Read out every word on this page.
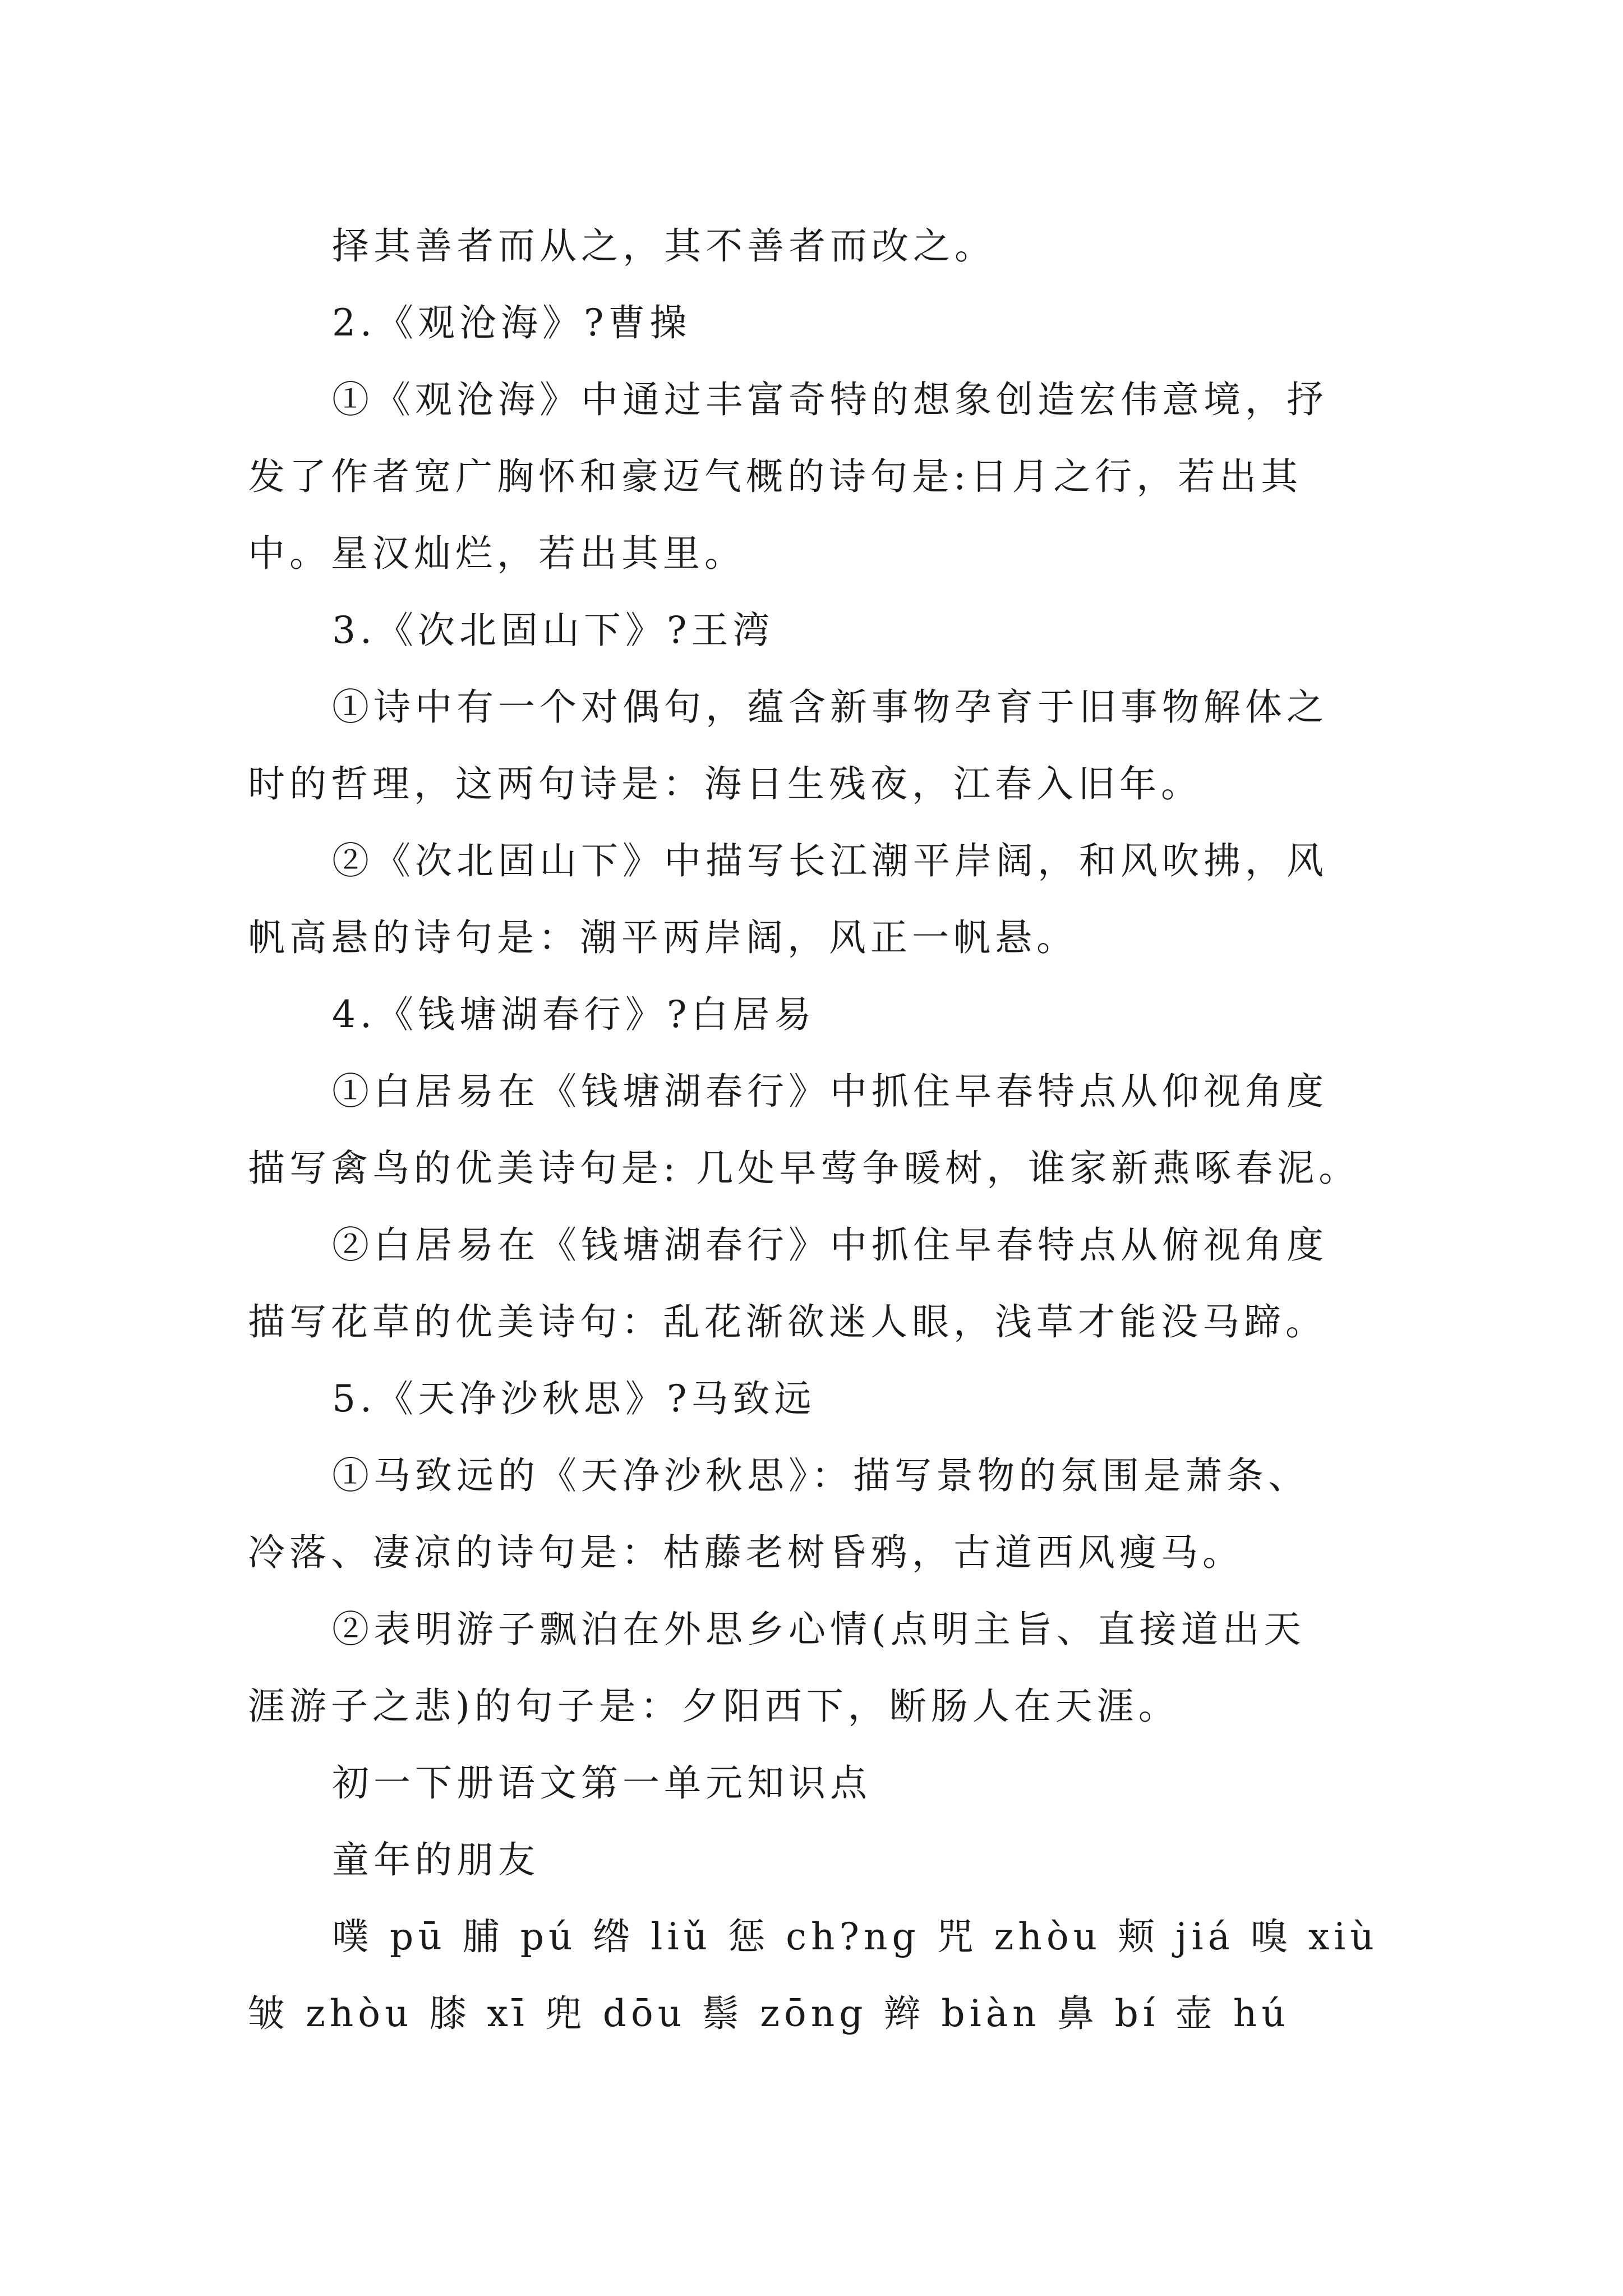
择其善者而从之，其不善者而改之。
2.《观沧海》?曹操
①《观沧海》中通过丰富奇特的想象创造宏伟意境，抒
发了作者宽广胸怀和豪迈气概的诗句是:日月之行，若出其
中。星汉灿烂，若出其里。
3.《次北固山下》?王湾
①诗中有一个对偶句，蕴含新事物孕育于旧事物解体之
时的哲理，这两句诗是：海日生残夜，江春入旧年。
②《次北固山下》中描写长江潮平岸阔，和风吹拂，风
帆高悬的诗句是：潮平两岸阔，风正一帆悬。
4.《钱塘湖春行》?白居易
①白居易在《钱塘湖春行》中抓住早春特点从仰视角度
描写禽鸟的优美诗句是: 几处早莺争暖树，谁家新燕啄春泥。
②白居易在《钱塘湖春行》中抓住早春特点从俯视角度
描写花草的优美诗句：乱花渐欲迷人眼，浅草才能没马蹄。
5.《天净沙秋思》?马致远
①马致远的《天净沙秋思》：描写景物的氛围是萧条、
冷落、凄凉的诗句是：枯藤老树昏鸦，古道西风瘦马。
②表明游子飘泊在外思乡心情(点明主旨、直接道出天
涯游子之悲)的句子是：夕阳西下，断肠人在天涯。
初一下册语文第一单元知识点
童年的朋友
噗 pū 脯 pú 绺 liǔ 惩 ch?ng 咒 zhòu 颊 jiá 嗅 xiù
皱 zhòu 膝 xī 兜 dōu 鬃 zōng 辫 biàn 鼻 bí 壶 hú
